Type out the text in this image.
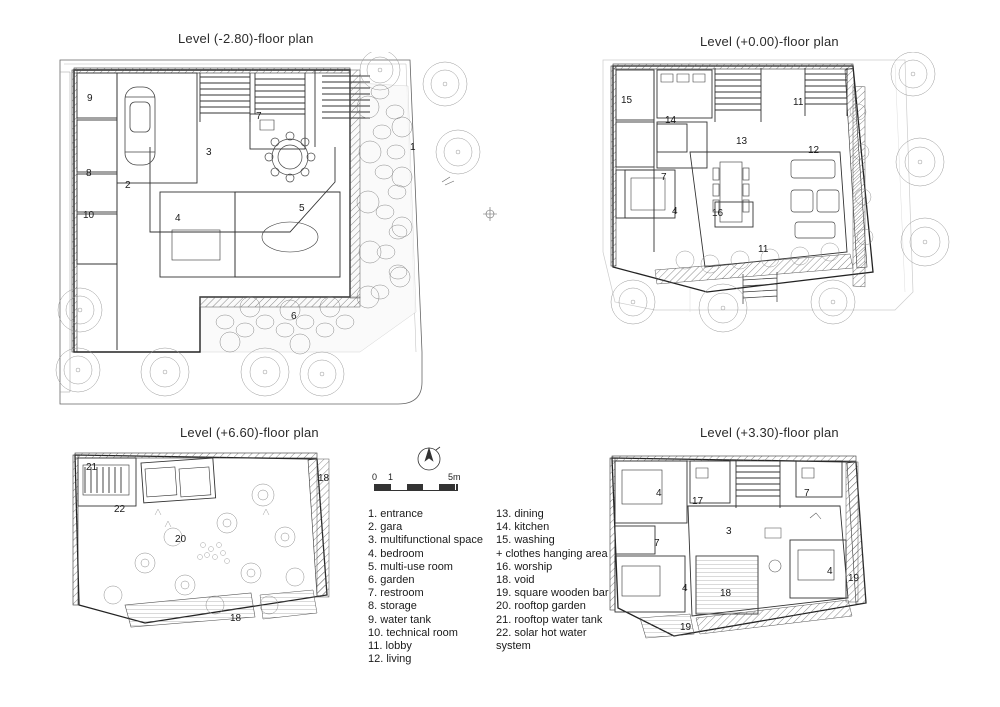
Level (-2.80)-floor plan	Level (+0.00)-floor plan
Level (+6.60)-floor plan	Level (+3.30)-floor plan
9
8
10
2
3
4
5
7
1
6
15
14
7
4
13
16
12
11
11
21
22
20
18
18
4
17
7
3
7
4	18
4
19
19
0 1	5m
1. entrance
2. gara
3. multifunctional space
4. bedroom
5. multi-use room
6. garden
7. restroom
8. storage
9. water tank
10. technical room
11. lobby
12. living
13. dining
14. kitchen
15. washing
+ clothes hanging area
16. worship
18. void
19. square wooden bar
20. rooftop garden
21. rooftop water tank
22. solar hot water
system
